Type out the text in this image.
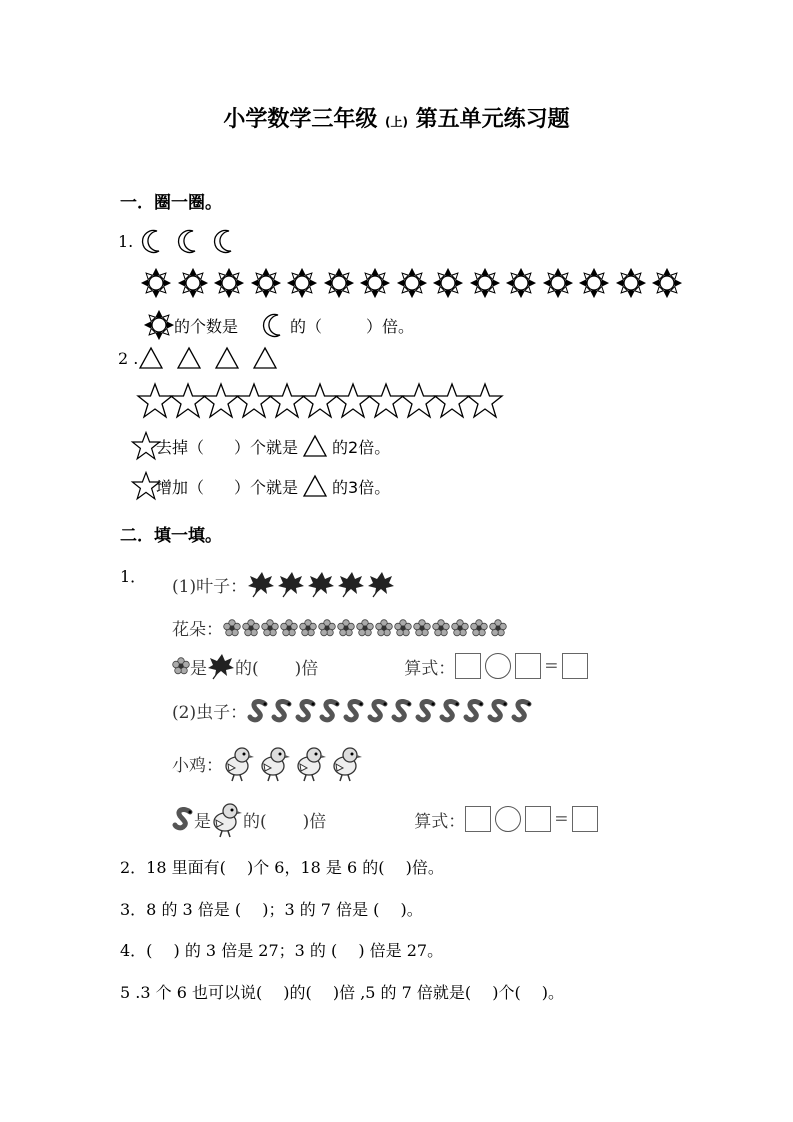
小学数学三年级 (上) 第五单元练习题
一．圈一圈。
1.
的个数是	的（	）倍。
2 .
去掉（ ）个就是 的2倍。
增加（ ）个就是 的3倍。
二．填一填。
1． (1)叶子：
花朵：
是 的( )倍	算式：	=
(2)虫子：
小鸡：
是 的( )倍	算式：	=
2．18 里面有(　 )个 6，18 是 6 的(　 )倍。
3．8 的 3 倍是 (　 )；3 的 7 倍是 (　 )。
4．(　 ) 的 3 倍是 27；3 的 (　 ) 倍是 27。
5 .3 个 6 也可以说(　 )的(　 )倍 ,5 的 7 倍就是(　 )个(　 )。
